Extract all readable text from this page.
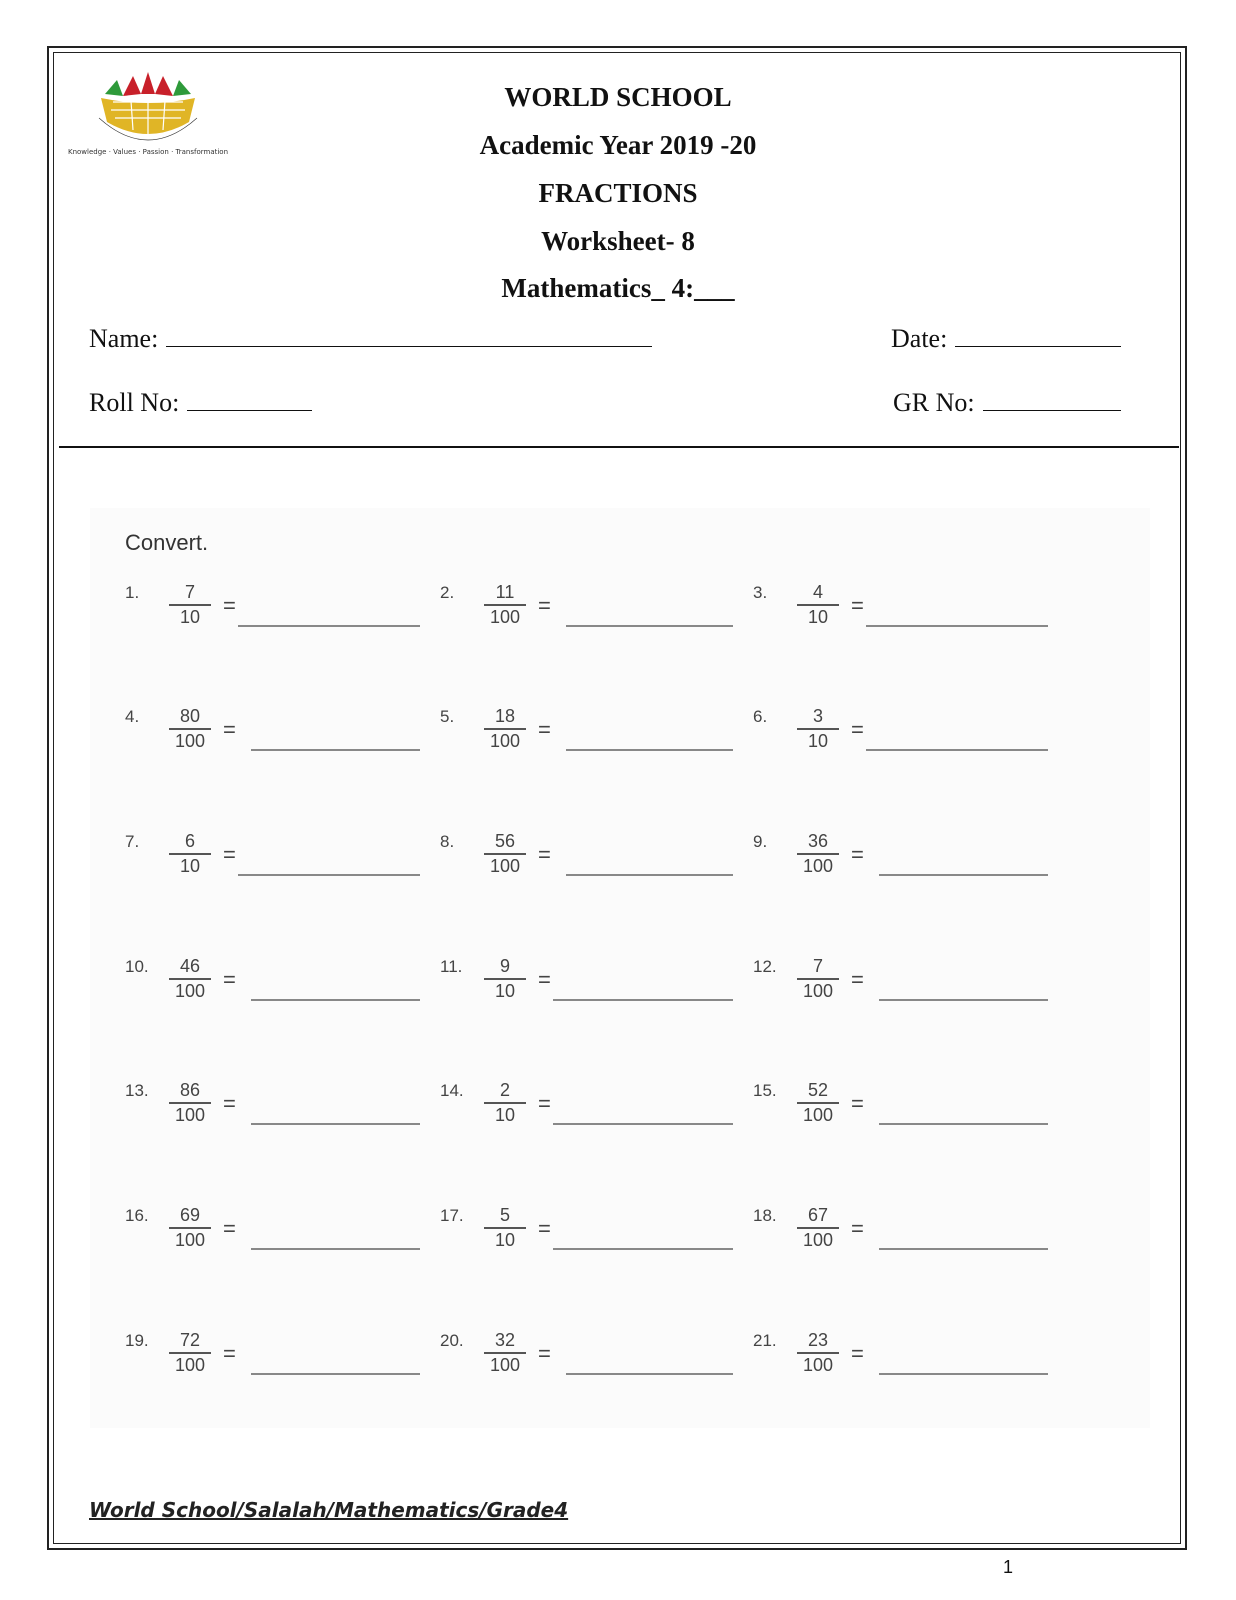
Knowledge · Values · Passion · Transformation
WORLD SCHOOL
Academic Year 2019 -20
FRACTIONS
Worksheet- 8
Mathematics_ 4:___
Name:	Date:
Roll No:	GR No:
Convert.
1.	7
10	=
2.	11
100 =
3.	4
10	=
4.	80
100 =
5.	18
100 =
6.	3
10	=
7.	6
10	=
8.	56
100 =
9.	36
100 =
10.	46
100 =
11.	9
10	=
12.	7
100 =
13.	86
100 =
14.	2
10	=
15.	52
100 =
16.	69
100 =
17.	5
10	=
18.	67
100 =
19.	72
100 =
20.	32
100 =
21.	23
100 =
World School/Salalah/Mathematics/Grade4
1
